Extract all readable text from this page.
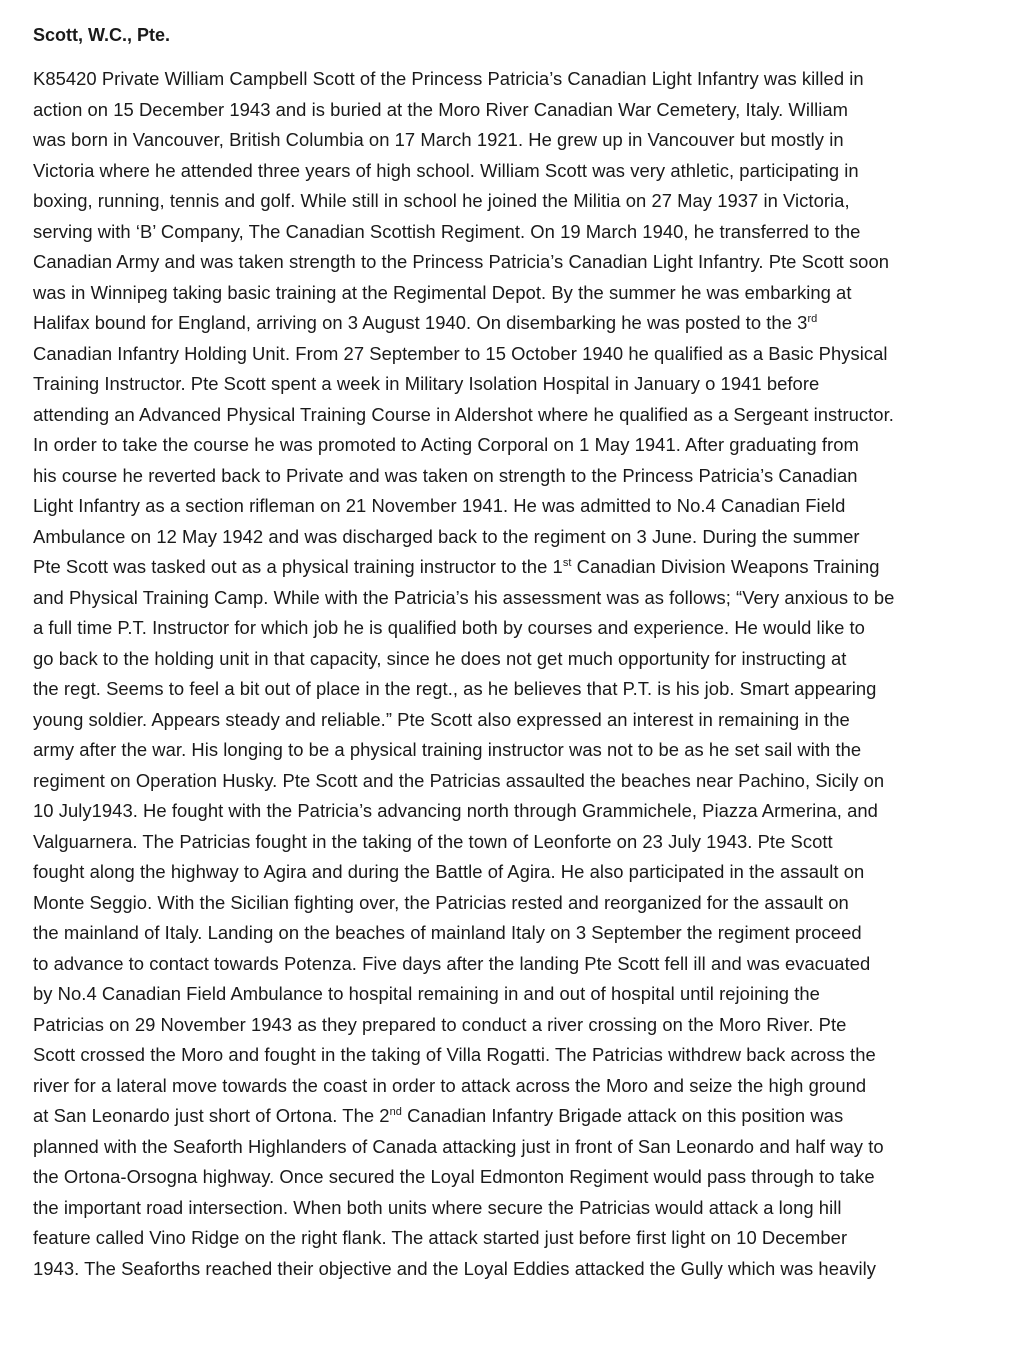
Scott, W.C., Pte.
K85420 Private William Campbell Scott of the Princess Patricia’s Canadian Light Infantry was killed in
action on 15 December 1943 and is buried at the Moro River Canadian War Cemetery, Italy. William
was born in Vancouver, British Columbia on 17 March 1921. He grew up in Vancouver but mostly in
Victoria where he attended three years of high school. William Scott was very athletic, participating in
boxing, running, tennis and golf. While still in school he joined the Militia on 27 May 1937 in Victoria,
serving with ‘B’ Company, The Canadian Scottish Regiment. On 19 March 1940, he transferred to the
Canadian Army and was taken strength to the Princess Patricia’s Canadian Light Infantry. Pte Scott soon
was in Winnipeg taking basic training at the Regimental Depot. By the summer he was embarking at
Halifax bound for England, arriving on 3 August 1940. On disembarking he was posted to the 3rd
Canadian Infantry Holding Unit. From 27 September to 15 October 1940 he qualified as a Basic Physical
Training Instructor. Pte Scott spent a week in Military Isolation Hospital in January o 1941 before
attending an Advanced Physical Training Course in Aldershot where he qualified as a Sergeant instructor.
In order to take the course he was promoted to Acting Corporal on 1 May 1941. After graduating from
his course he reverted back to Private and was taken on strength to the Princess Patricia’s Canadian
Light Infantry as a section rifleman on 21 November 1941. He was admitted to No.4 Canadian Field
Ambulance on 12 May 1942 and was discharged back to the regiment on 3 June. During the summer
Pte Scott was tasked out as a physical training instructor to the 1st Canadian Division Weapons Training
and Physical Training Camp. While with the Patricia’s his assessment was as follows; “Very anxious to be
a full time P.T. Instructor for which job he is qualified both by courses and experience. He would like to
go back to the holding unit in that capacity, since he does not get much opportunity for instructing at
the regt. Seems to feel a bit out of place in the regt., as he believes that P.T. is his job. Smart appearing
young soldier. Appears steady and reliable.” Pte Scott also expressed an interest in remaining in the
army after the war. His longing to be a physical training instructor was not to be as he set sail with the
regiment on Operation Husky. Pte Scott and the Patricias assaulted the beaches near Pachino, Sicily on
10 July1943. He fought with the Patricia’s advancing north through Grammichele, Piazza Armerina, and
Valguarnera. The Patricias fought in the taking of the town of Leonforte on 23 July 1943. Pte Scott
fought along the highway to Agira and during the Battle of Agira. He also participated in the assault on
Monte Seggio. With the Sicilian fighting over, the Patricias rested and reorganized for the assault on
the mainland of Italy. Landing on the beaches of mainland Italy on 3 September the regiment proceed
to advance to contact towards Potenza. Five days after the landing Pte Scott fell ill and was evacuated
by No.4 Canadian Field Ambulance to hospital remaining in and out of hospital until rejoining the
Patricias on 29 November 1943 as they prepared to conduct a river crossing on the Moro River. Pte
Scott crossed the Moro and fought in the taking of Villa Rogatti. The Patricias withdrew back across the
river for a lateral move towards the coast in order to attack across the Moro and seize the high ground
at San Leonardo just short of Ortona. The 2nd Canadian Infantry Brigade attack on this position was
planned with the Seaforth Highlanders of Canada attacking just in front of San Leonardo and half way to
the Ortona-Orsogna highway. Once secured the Loyal Edmonton Regiment would pass through to take
the important road intersection. When both units where secure the Patricias would attack a long hill
feature called Vino Ridge on the right flank. The attack started just before first light on 10 December
1943. The Seaforths reached their objective and the Loyal Eddies attacked the Gully which was heavily
